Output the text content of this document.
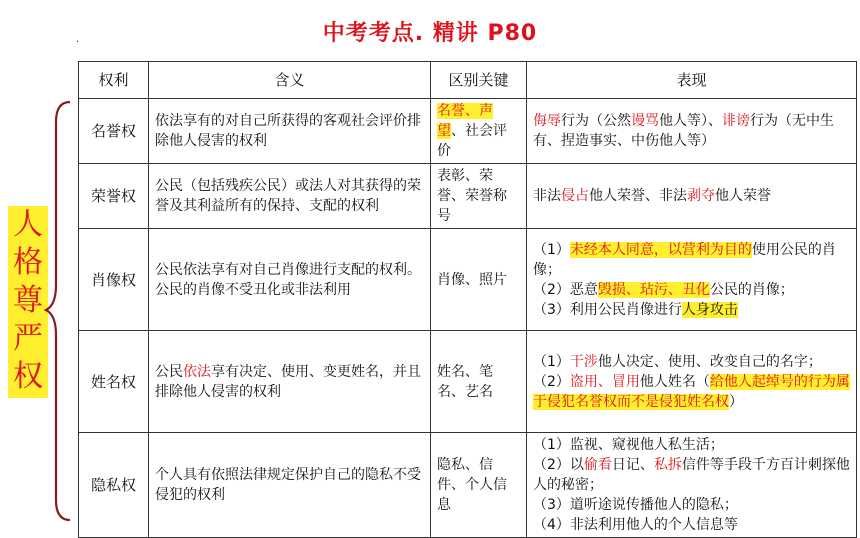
中考考点. 精讲 P80
.
人
格
尊
严
权
权利	含义	区别关键	表现
名誉权	依法享有的对自己所获得的客观社会评价排除他人侵害的权利	名誉、声望、社会评价	侮辱行为（公然谩骂他人等）、诽谤行为（无中生有、捏造事实、中伤他人等）
荣誉权	公民（包括残疾公民）或法人对其获得的荣誉及其利益所有的保持、支配的权利	表彰、荣誉、荣誉称号	非法侵占他人荣誉、非法剥夺他人荣誉
肖像权	公民依法享有对自己肖像进行支配的权利。公民的肖像不受丑化或非法利用	肖像、照片	（1）未经本人同意，以营利为目的使用公民的肖像；
（2）恶意毁损、玷污、丑化公民的肖像；
（3）利用公民肖像进行人身攻击

姓名权	公民依法享有决定、使用、变更姓名，并且排除他人侵害的权利	姓名、笔名、艺名	（1）干涉他人决定、使用、改变自己的名字；
（2）盗用、冒用他人姓名（给他人起绰号的行为属于侵犯名誉权而不是侵犯姓名权）

隐私权	个人具有依照法律规定保护自己的隐私不受侵犯的权利	隐私、信件、个人信息	（1）监视、窥视他人私生活；
（2）以偷看日记、私拆信件等手段千方百计刺探他人的秘密；
（3）道听途说传播他人的隐私；
（4）非法利用他人的个人信息等
